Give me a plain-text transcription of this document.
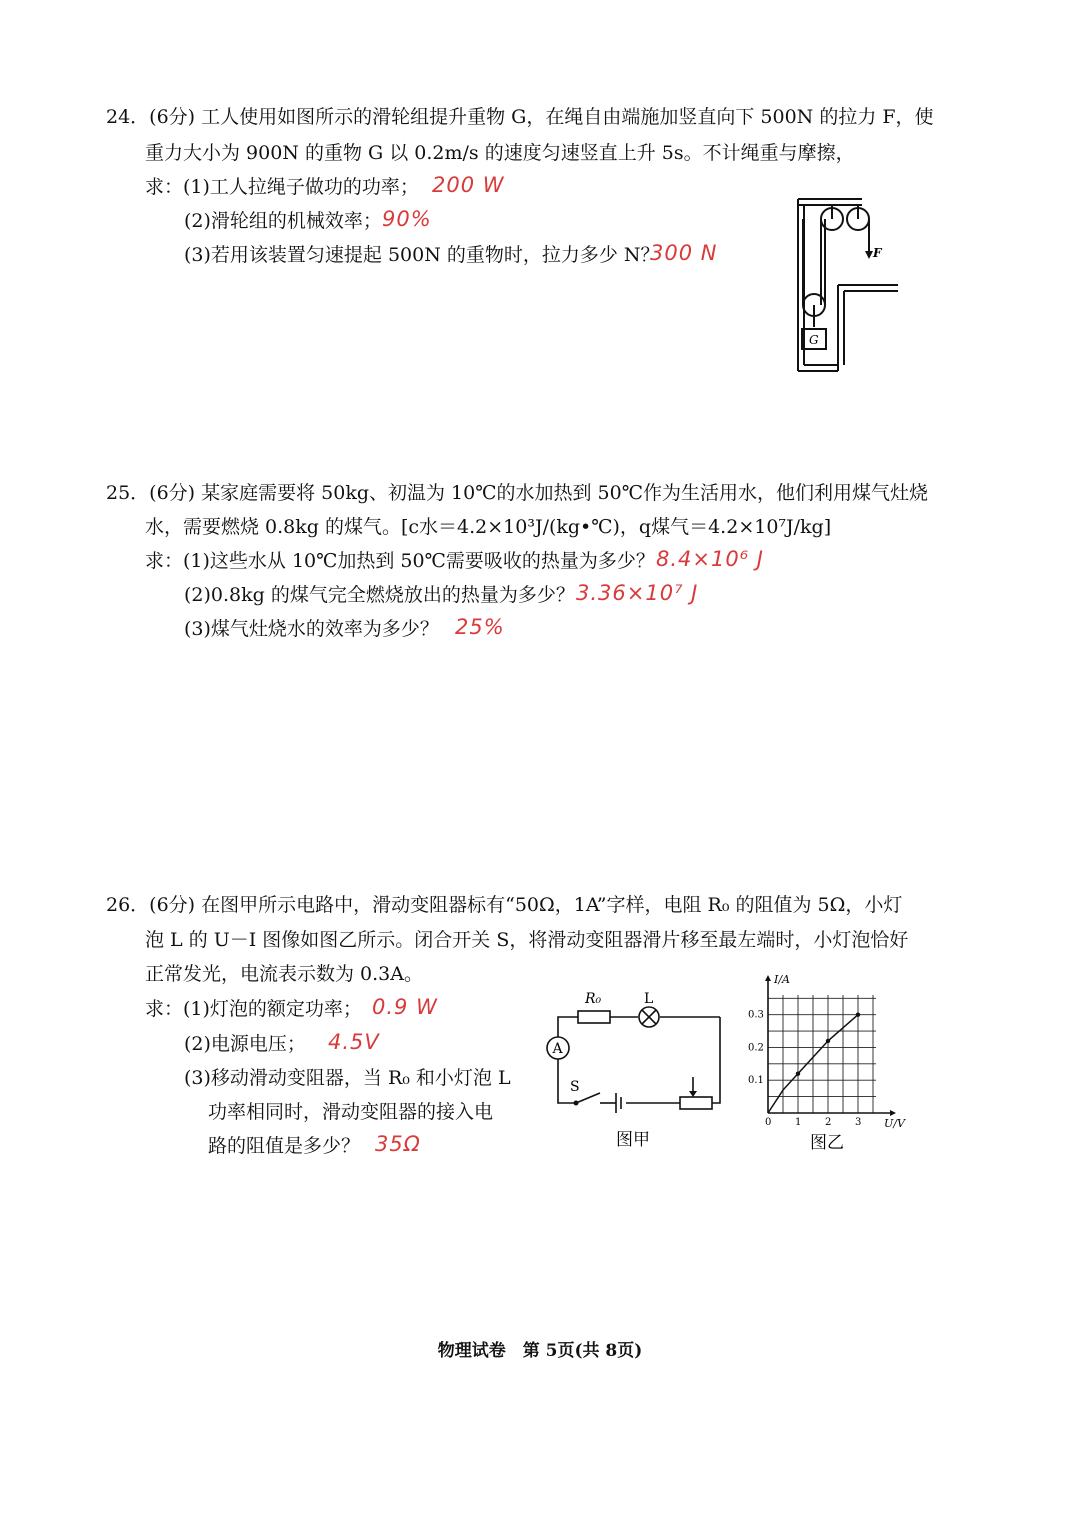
24．(6分) 工人使用如图所示的滑轮组提升重物 G，在绳自由端施加竖直向下 500N 的拉力 F，使
重力大小为 900N 的重物 G 以 0.2m/s 的速度匀速竖直上升 5s。不计绳重与摩擦，
求：(1)工人拉绳子做功的功率； 200 W
(2)滑轮组的机械效率； 90%
(3)若用该装置匀速提起 500N 的重物时，拉力多少 N？
300 N	F
G
25．(6分) 某家庭需要将 50kg、初温为 10℃的水加热到 50℃作为生活用水，他们利用煤气灶烧
水，需要燃烧 0.8kg 的煤气。[c水＝4.2×10³J/(kg•℃)，q煤气＝4.2×10⁷J/kg]
求：(1)这些水从 10℃加热到 50℃需要吸收的热量为多少？ 8.4×10⁶ J
(2)0.8kg 的煤气完全燃烧放出的热量为多少？ 3.36×10⁷ J
(3)煤气灶烧水的效率为多少？ 25%
26．(6分) 在图甲所示电路中，滑动变阻器标有“50Ω，1A”字样，电阻 R₀ 的阻值为 5Ω，小灯
泡 L 的 U－I 图像如图乙所示。闭合开关 S，将滑动变阻器滑片移至最左端时，小灯泡恰好
正常发光，电流表示数为 0.3A。
求：(1)灯泡的额定功率； 0.9 W
(2)电源电压； 4.5V
(3)移动滑动变阻器，当 R₀ 和小灯泡 L
功率相同时，滑动变阻器的接入电
路的阻值是多少？ 35Ω
A
R₀	L
S
图甲	图乙
U/V
I/A
0 1 2 3
0.1
0.2
0.3
物理试卷　第 5页(共 8页)
